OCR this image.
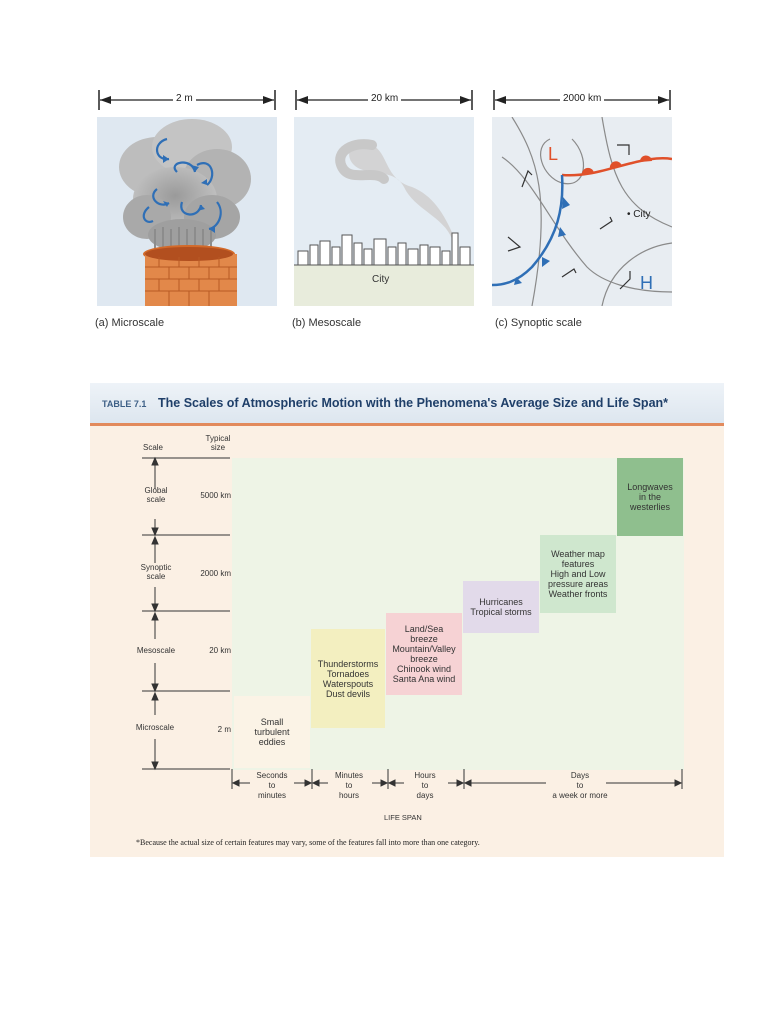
2 m	20 km	2000 km
City
L
H
• City
(a) Microscale	(b) Mesoscale	(c) Synoptic scale
TABLE 7.1 The Scales of Atmospheric Motion with the Phenomena's Average Size and Life Span*
Scale
Typical size
Global scale	5000 km
Synoptic scale	2000 km
Mesoscale	20 km
Microscale	2 m
Small
turbulent
eddies
Thunderstorms
Tornadoes
Waterspouts
Dust devils
Land/Sea
breeze
Mountain/Valley
breeze
Chinook wind
Santa Ana wind
Hurricanes
Tropical storms
Weather map
features
High and Low
pressure areas
Weather fronts
Longwaves
in the
westerlies
Seconds
to
minutes
Minutes
to
hours
Hours
to
days
Days
to
a week or more
LIFE SPAN
*Because the actual size of certain features may vary, some of the features fall into more than one category.
